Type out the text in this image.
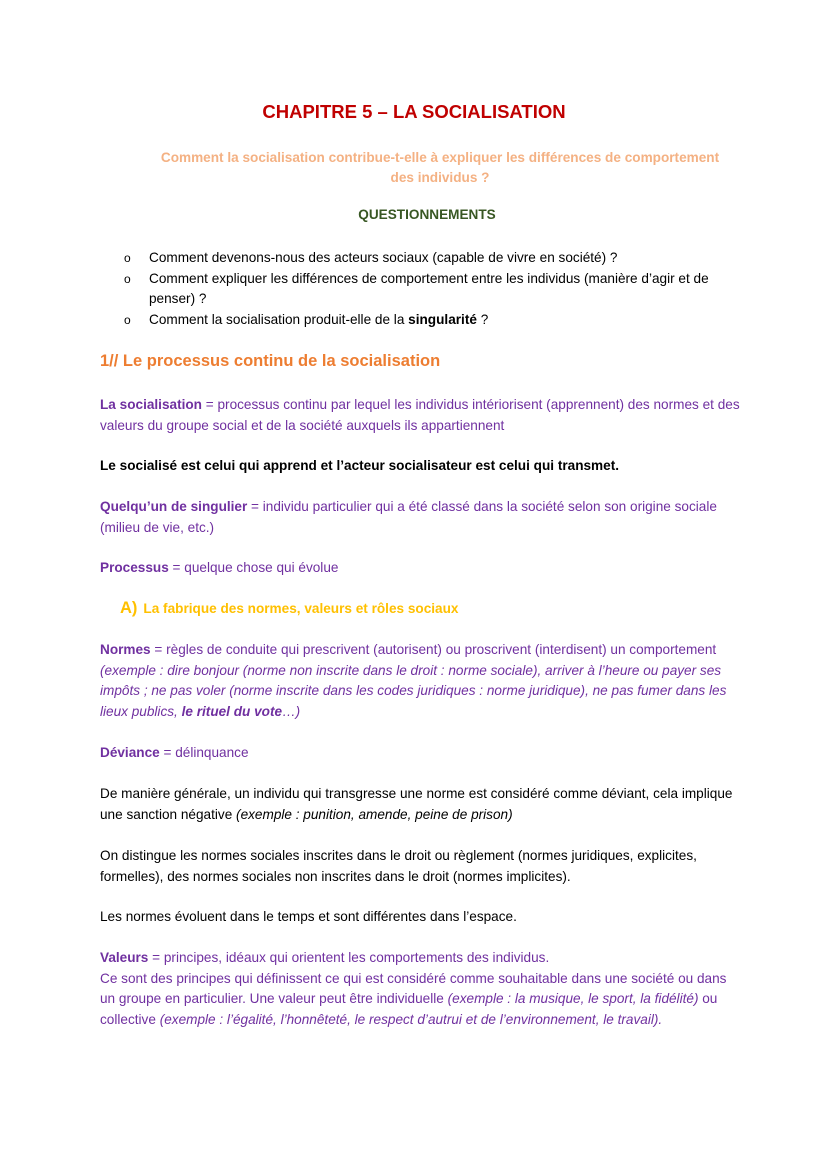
CHAPITRE 5 – LA SOCIALISATION
Comment la socialisation contribue-t-elle à expliquer les différences de comportement des individus ?
QUESTIONNEMENTS
o Comment devenons-nous des acteurs sociaux (capable de vivre en société) ?
o Comment expliquer les différences de comportement entre les individus (manière d’agir et de penser) ?
o Comment la socialisation produit-elle de la singularité ?
1// Le processus continu de la socialisation
La socialisation = processus continu par lequel les individus intériorisent (apprennent) des normes et des valeurs du groupe social et de la société auxquels ils appartiennent
Le socialisé est celui qui apprend et l’acteur socialisateur est celui qui transmet.
Quelqu’un de singulier = individu particulier qui a été classé dans la société selon son origine sociale (milieu de vie, etc.)
Processus = quelque chose qui évolue
A) La fabrique des normes, valeurs et rôles sociaux
Normes = règles de conduite qui prescrivent (autorisent) ou proscrivent (interdisent) un comportement (exemple : dire bonjour (norme non inscrite dans le droit : norme sociale), arriver à l’heure ou payer ses impôts ; ne pas voler (norme inscrite dans les codes juridiques : norme juridique), ne pas fumer dans les lieux publics, le rituel du vote…)
Déviance = délinquance
De manière générale, un individu qui transgresse une norme est considéré comme déviant, cela implique une sanction négative (exemple : punition, amende, peine de prison)
On distingue les normes sociales inscrites dans le droit ou règlement (normes juridiques, explicites, formelles), des normes sociales non inscrites dans le droit (normes implicites).
Les normes évoluent dans le temps et sont différentes dans l’espace.
Valeurs = principes, idéaux qui orientent les comportements des individus.
Ce sont des principes qui définissent ce qui est considéré comme souhaitable dans une société ou dans un groupe en particulier. Une valeur peut être individuelle (exemple : la musique, le sport, la fidélité) ou collective (exemple : l’égalité, l’honnêteté, le respect d’autrui et de l’environnement, le travail).
